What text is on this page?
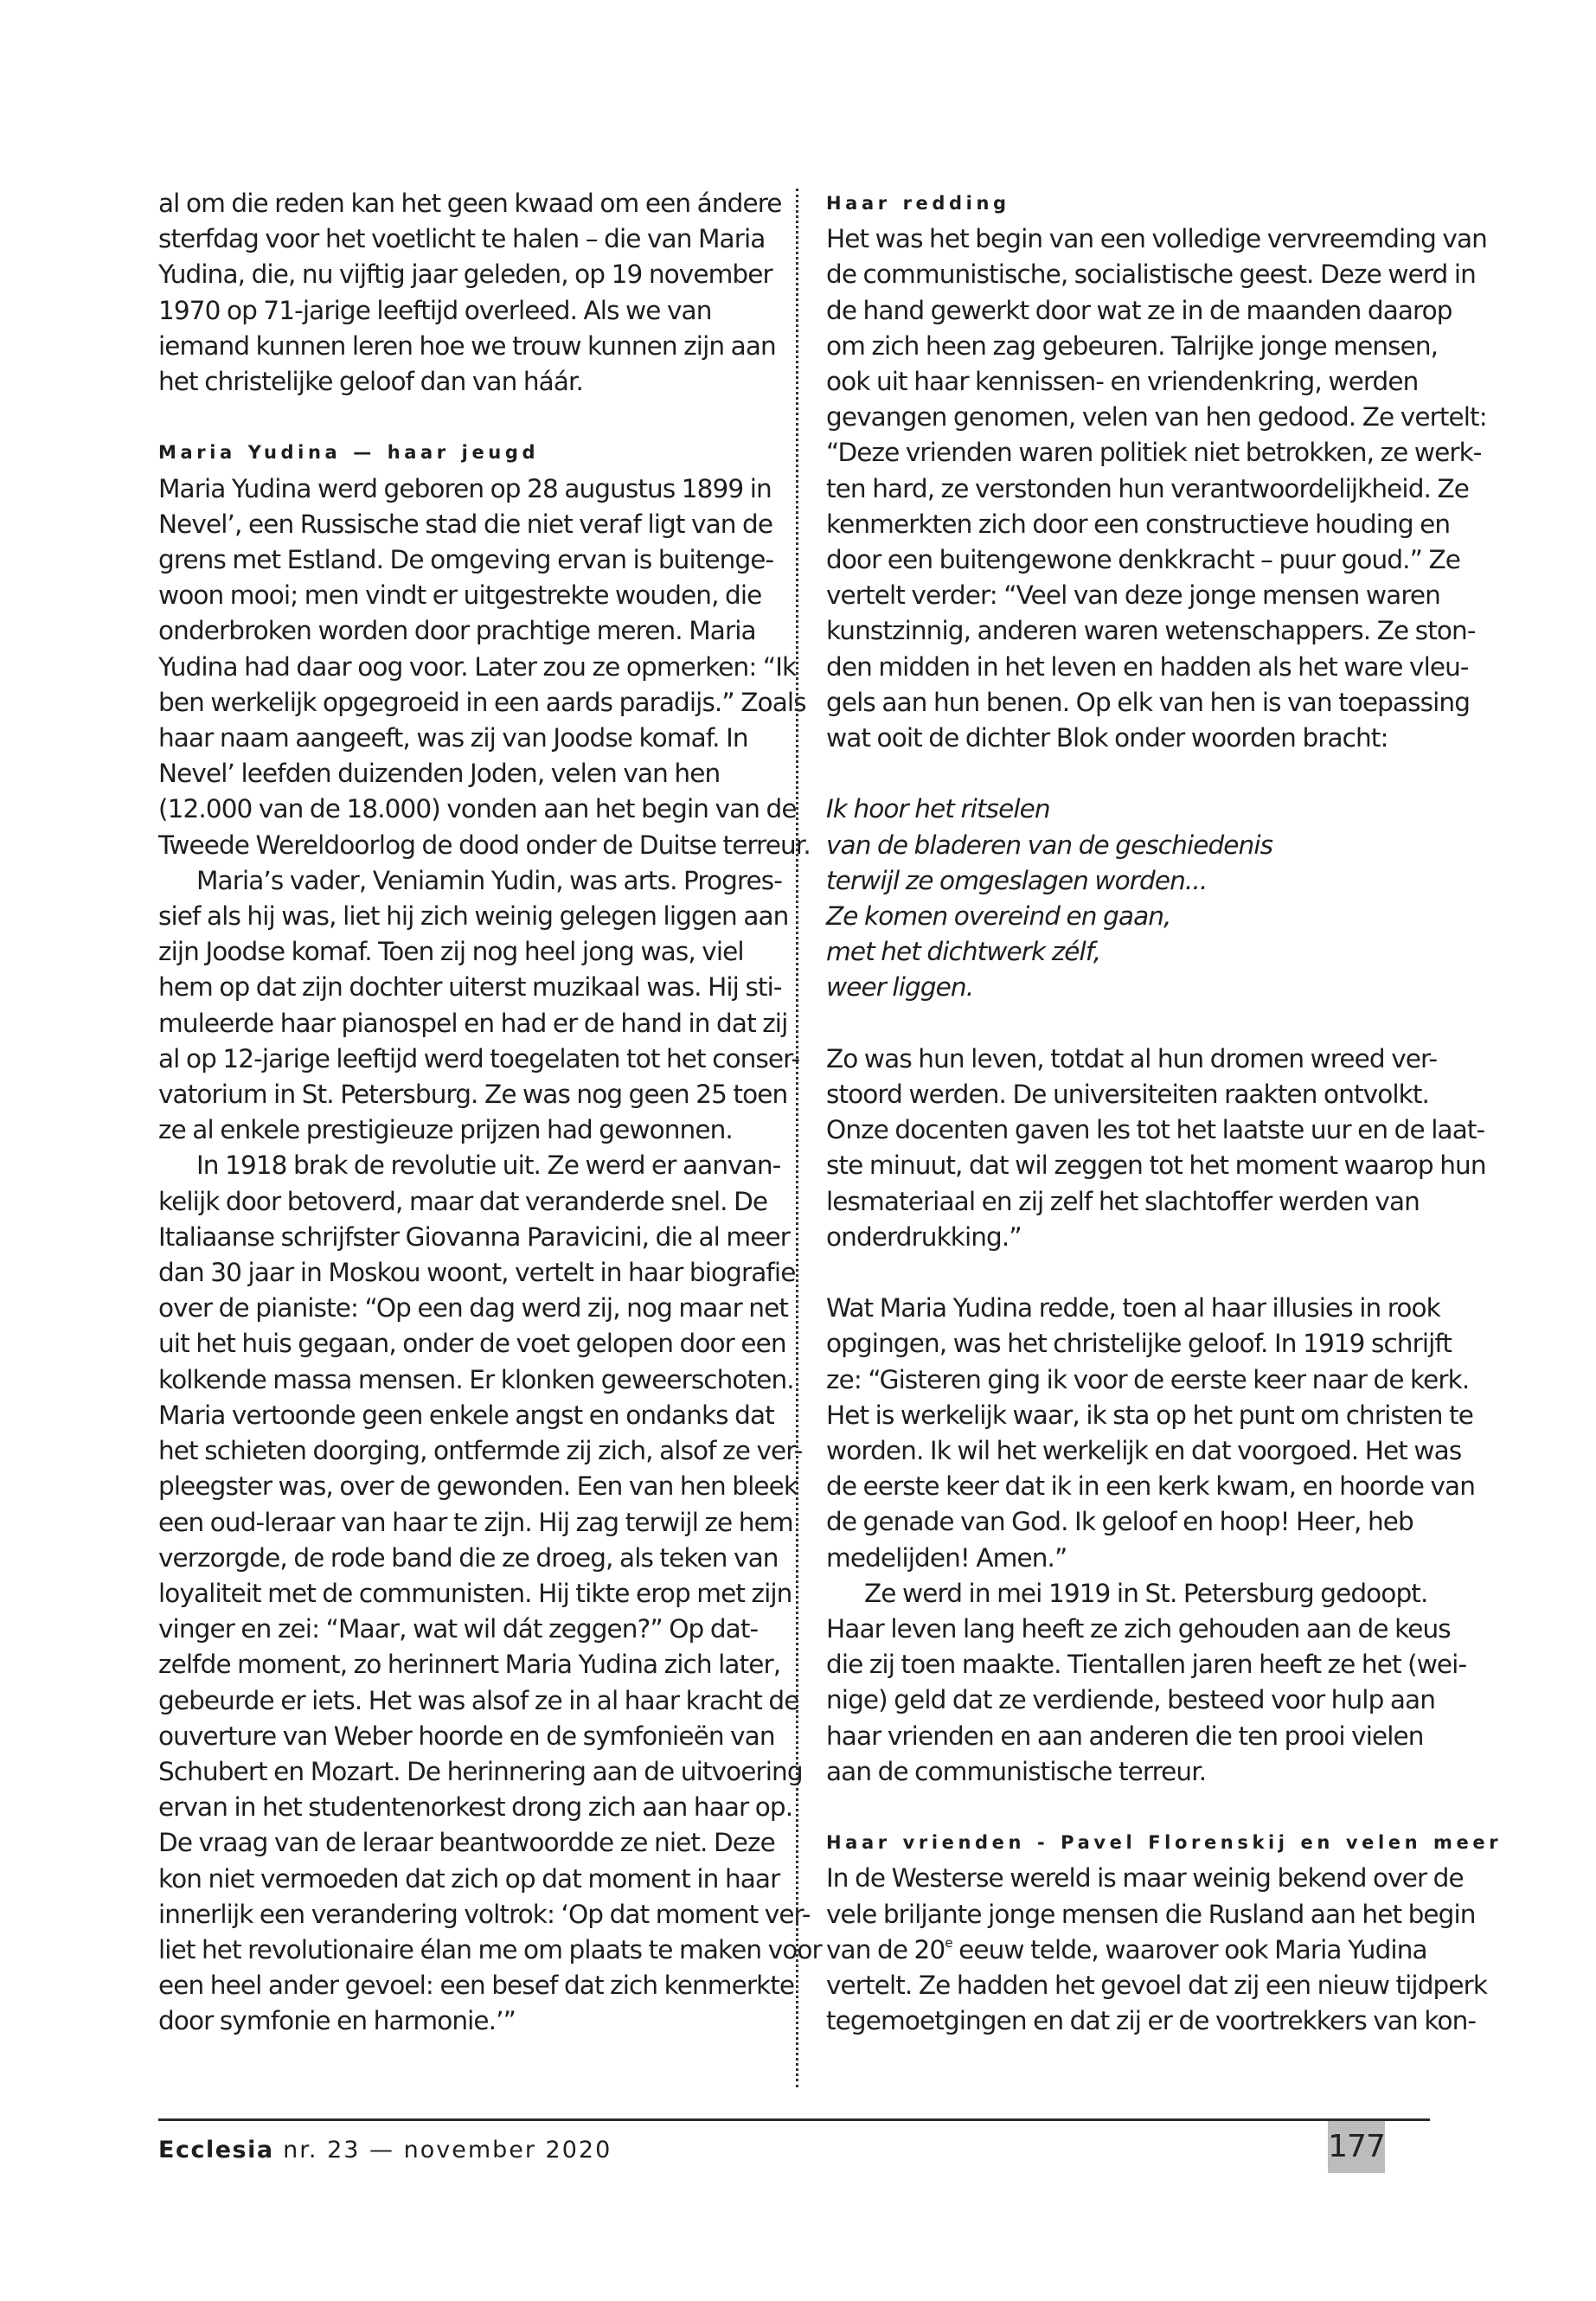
al om die reden kan het geen kwaad om een ándere
sterfdag voor het voetlicht te halen – die van Maria
Yudina, die, nu vijftig jaar geleden, op 19 november
1970 op 71-jarige leeftijd overleed. Als we van
iemand kunnen leren hoe we trouw kunnen zijn aan
het christelijke geloof dan van háár.
Maria Yudina — haar jeugd
Maria Yudina werd geboren op 28 augustus 1899 in
Nevel’, een Russische stad die niet veraf ligt van de
grens met Estland. De omgeving ervan is buitenge-
woon mooi; men vindt er uitgestrekte wouden, die
onderbroken worden door prachtige meren. Maria
Yudina had daar oog voor. Later zou ze opmerken: “Ik
ben werkelijk opgegroeid in een aards paradijs.” Zoals
haar naam aangeeft, was zij van Joodse komaf. In
Nevel’ leefden duizenden Joden, velen van hen
(12.000 van de 18.000) vonden aan het begin van de
Tweede Wereldoorlog de dood onder de Duitse terreur.
Maria’s vader, Veniamin Yudin, was arts. Progres-
sief als hij was, liet hij zich weinig gelegen liggen aan
zijn Joodse komaf. Toen zij nog heel jong was, viel
hem op dat zijn dochter uiterst muzikaal was. Hij sti-
muleerde haar pianospel en had er de hand in dat zij
al op 12-jarige leeftijd werd toegelaten tot het conser-
vatorium in St. Petersburg. Ze was nog geen 25 toen
ze al enkele prestigieuze prijzen had gewonnen.
In 1918 brak de revolutie uit. Ze werd er aanvan-
kelijk door betoverd, maar dat veranderde snel. De
Italiaanse schrijfster Giovanna Paravicini, die al meer
dan 30 jaar in Moskou woont, vertelt in haar biografie
over de pianiste: “Op een dag werd zij, nog maar net
uit het huis gegaan, onder de voet gelopen door een
kolkende massa mensen. Er klonken geweerschoten.
Maria vertoonde geen enkele angst en ondanks dat
het schieten doorging, ontfermde zij zich, alsof ze ver-
pleegster was, over de gewonden. Een van hen bleek
een oud-leraar van haar te zijn. Hij zag terwijl ze hem
verzorgde, de rode band die ze droeg, als teken van
loyaliteit met de communisten. Hij tikte erop met zijn
vinger en zei: “Maar, wat wil dát zeggen?” Op dat-
zelfde moment, zo herinnert Maria Yudina zich later,
gebeurde er iets. Het was alsof ze in al haar kracht de
ouverture van Weber hoorde en de symfonieën van
Schubert en Mozart. De herinnering aan de uitvoering
ervan in het studentenorkest drong zich aan haar op.
De vraag van de leraar beantwoordde ze niet. Deze
kon niet vermoeden dat zich op dat moment in haar
innerlijk een verandering voltrok: ‘Op dat moment ver-
liet het revolutionaire élan me om plaats te maken voor
een heel ander gevoel: een besef dat zich kenmerkte
door symfonie en harmonie.’”
Haar redding
Het was het begin van een volledige vervreemding van
de communistische, socialistische geest. Deze werd in
de hand gewerkt door wat ze in de maanden daarop
om zich heen zag gebeuren. Talrijke jonge mensen,
ook uit haar kennissen- en vriendenkring, werden
gevangen genomen, velen van hen gedood. Ze vertelt:
“Deze vrienden waren politiek niet betrokken, ze werk-
ten hard, ze verstonden hun verantwoordelijkheid. Ze
kenmerkten zich door een constructieve houding en
door een buitengewone denkkracht – puur goud.” Ze
vertelt verder: “Veel van deze jonge mensen waren
kunstzinnig, anderen waren wetenschappers. Ze ston-
den midden in het leven en hadden als het ware vleu-
gels aan hun benen. Op elk van hen is van toepassing
wat ooit de dichter Blok onder woorden bracht:
Ik hoor het ritselen
van de bladeren van de geschiedenis
terwijl ze omgeslagen worden...
Ze komen overeind en gaan,
met het dichtwerk zélf,
weer liggen.
Zo was hun leven, totdat al hun dromen wreed ver-
stoord werden. De universiteiten raakten ontvolkt.
Onze docenten gaven les tot het laatste uur en de laat-
ste minuut, dat wil zeggen tot het moment waarop hun
lesmateriaal en zij zelf het slachtoffer werden van
onderdrukking.”
Wat Maria Yudina redde, toen al haar illusies in rook
opgingen, was het christelijke geloof. In 1919 schrijft
ze: “Gisteren ging ik voor de eerste keer naar de kerk.
Het is werkelijk waar, ik sta op het punt om christen te
worden. Ik wil het werkelijk en dat voorgoed. Het was
de eerste keer dat ik in een kerk kwam, en hoorde van
de genade van God. Ik geloof en hoop! Heer, heb
medelijden! Amen.”
Ze werd in mei 1919 in St. Petersburg gedoopt.
Haar leven lang heeft ze zich gehouden aan de keus
die zij toen maakte. Tientallen jaren heeft ze het (wei-
nige) geld dat ze verdiende, besteed voor hulp aan
haar vrienden en aan anderen die ten prooi vielen
aan de communistische terreur.
Haar vrienden - Pavel Florenskij en velen meer
In de Westerse wereld is maar weinig bekend over de
vele briljante jonge mensen die Rusland aan het begin
van de 20e eeuw telde, waarover ook Maria Yudina
vertelt. Ze hadden het gevoel dat zij een nieuw tijdperk
tegemoetgingen en dat zij er de voortrekkers van kon-
Ecclesia nr. 23 — november 2020	177
